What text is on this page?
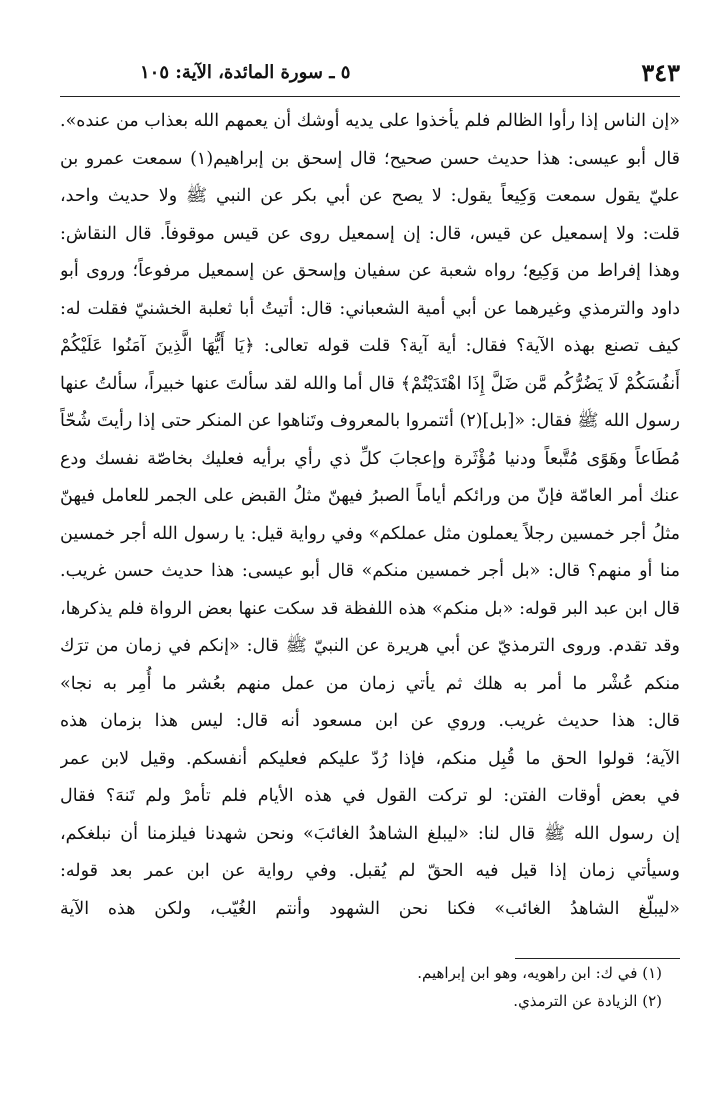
٣٤٣
٥ ـ سورة المائدة، الآية: ١٠٥
«إن الناس إذا رأوا الظالم فلم يأخذوا على يديه أوشك أن يعمهم الله بعذاب من عنده».
قال أبو عيسى: هذا حديث حسن صحيح؛ قال إسحق بن إبراهيم(١) سمعت عمرو بن
عليّ يقول سمعت وَكِيعاً يقول: لا يصح عن أبي بكر عن النبي ﷺ ولا حديث واحد،
قلت: ولا إسمعيل عن قيس، قال: إن إسمعيل روى عن قيس موقوفاً. قال النقاش:
وهذا إفراط من وَكِيع؛ رواه شعبة عن سفيان وإسحق عن إسمعيل مرفوعاً؛ وروى أبو
داود والترمذي وغيرهما عن أبي أمية الشعباني: قال: أتيتُ أبا ثعلبة الخشنيّ فقلت له:
كيف تصنع بهذه الآية؟ فقال: أية آية؟ قلت قوله تعالى: ﴿يَا أَيُّهَا الَّذِينَ آمَنُوا عَلَيْكُمْ
أَنفُسَكُمْ لَا يَضُرُّكُم مَّن ضَلَّ إِذَا اهْتَدَيْتُمْ﴾ قال أما والله لقد سألتَ عنها خبيراً، سألتُ عنها
رسول الله ﷺ فقال: «[بل](٢) أئتمروا بالمعروف وتَناهوا عن المنكر حتى إذا رأيتَ شُحّاً
مُطَاعاً وهَوًى مُتَّبعاً ودنيا مُؤْثَرة وإعجابَ كلِّ ذي رأي برأيه فعليك بخاصّة نفسك ودع
عنك أمر العامّة فإنّ من ورائكم أياماً الصبرُ فيهنّ مثلُ القبض على الجمر للعامل فيهنّ
مثلُ أجر خمسين رجلاً يعملون مثل عملكم» وفي رواية قيل: يا رسول الله أجر خمسين
منا أو منهم؟ قال: «بل أجر خمسين منكم» قال أبو عيسى: هذا حديث حسن غريب.
قال ابن عبد البر قوله: «بل منكم» هذه اللفظة قد سكت عنها بعض الرواة فلم يذكرها،
وقد تقدم. وروى الترمذيّ عن أبي هريرة عن النبيّ ﷺ قال: «إنكم في زمان من ترَك
منكم عُشْر ما أمر به هلك ثم يأتي زمان من عمل منهم بعُشر ما أُمِر به نجا»
قال: هذا حديث غريب. وروي عن ابن مسعود أنه قال: ليس هذا بزمان هذه
الآية؛ قولوا الحق ما قُبِل منكم، فإذا رُدّ عليكم فعليكم أنفسكم. وقيل لابن عمر
في بعض أوقات الفتن: لو تركت القول في هذه الأيام فلم تأمرْ ولم تَنهَ؟ فقال
إن رسول الله ﷺ قال لنا: «ليبلغ الشاهدُ الغائبَ» ونحن شهدنا فيلزمنا أن نبلغكم،
وسيأتي زمان إذا قيل فيه الحقّ لم يُقبل. وفي رواية عن ابن عمر بعد قوله:
«ليبلّغ الشاهدُ الغائب» فكنا نحن الشهود وأنتم الغُيّب، ولكن هذه الآية
(١) في ك: ابن راهويه، وهو ابن إبراهيم.
(٢) الزيادة عن الترمذي.
